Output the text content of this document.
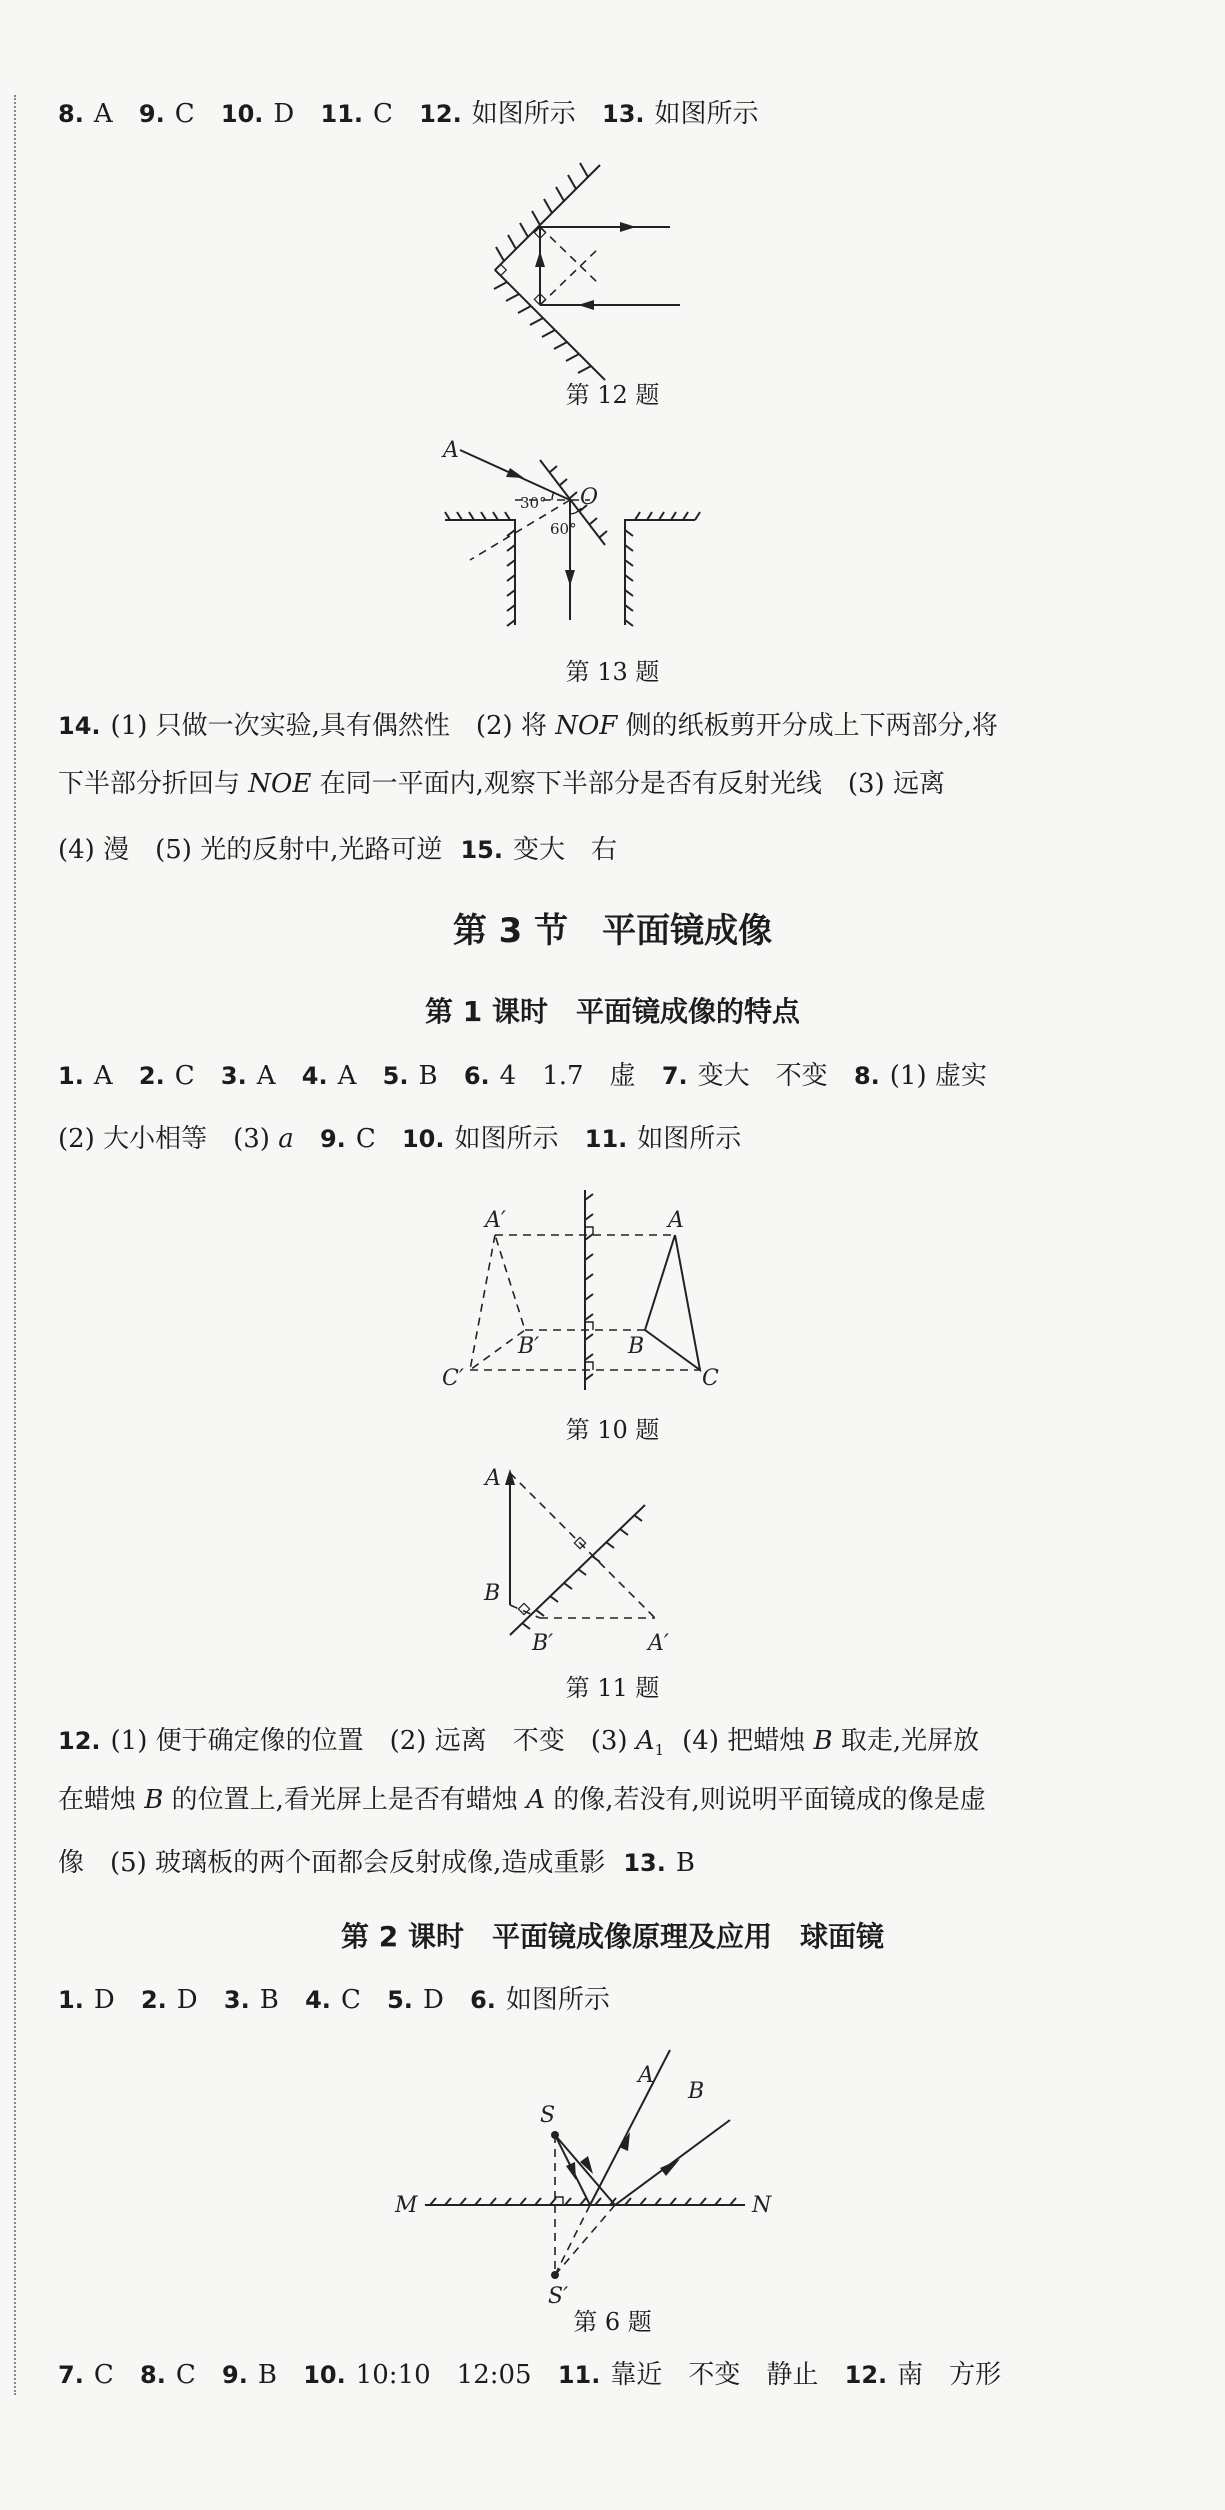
8. A 9. C 10. D 11. C 12. 如图所示 13. 如图所示
第 12 题
A
O
30°
60°
第 13 题
14. (1) 只做一次实验,具有偶然性　(2) 将 NOF 侧的纸板剪开分成上下两部分,将
下半部分折回与 NOE 在同一平面内,观察下半部分是否有反射光线　(3) 远离
(4) 漫　(5) 光的反射中,光路可逆 15. 变大　右
第 3 节　平面镜成像
第 1 课时　平面镜成像的特点
1. A 2. C 3. A 4. A 5. B 6. 4　1.7　虚 7. 变大　不变 8. (1) 虚实
(2) 大小相等　(3) a 9. C 10. 如图所示 11. 如图所示
A′	A
B′	B
C′	C
第 10 题
A
B
B′	A′
第 11 题
12. (1) 便于确定像的位置　(2) 远离　不变　(3) $A_1$ (4) 把蜡烛 B 取走,光屏放
在蜡烛 B 的位置上,看光屏上是否有蜡烛 A 的像,若没有,则说明平面镜成的像是虚
像　(5) 玻璃板的两个面都会反射成像,造成重影 13. B
第 2 课时　平面镜成像原理及应用　球面镜
1. D 2. D 3. B 4. C 5. D 6. 如图所示
S
A
B
M	N
S′
第 6 题
7. C 8. C 9. B 10. 10:10　12:05 11. 靠近　不变　静止 12. 南　方形
